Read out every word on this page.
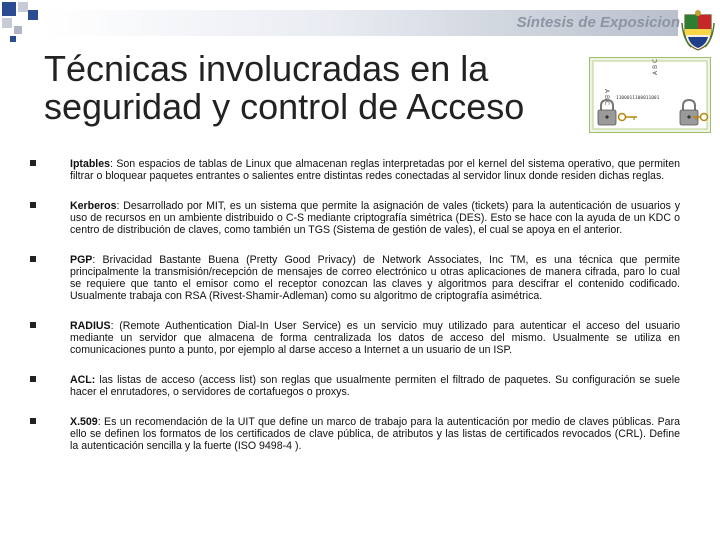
Síntesis de Exposicion
Técnicas involucradas en la seguridad y control de Acceso	A B C
A B C
1100011100011001
Iptables: Son espacios de tablas de Linux que almacenan reglas interpretadas por el kernel del sistema operativo, que permiten filtrar o bloquear paquetes entrantes o salientes entre distintas redes conectadas al servidor linux donde residen dichas reglas.
Kerberos: Desarrollado por MIT, es un sistema que permite la asignación de vales (tickets) para la autenticación de usuarios y uso de recursos en un ambiente distribuido o C-S mediante criptografía simétrica (DES). Esto se hace con la ayuda de un KDC o centro de distribución de claves, como también un TGS (Sistema de gestión de vales), el cual se apoya en el anterior.
PGP: Brivacidad Bastante Buena (Pretty Good Privacy) de Network Associates, Inc TM, es una técnica que permite principalmente la transmisión/recepción de mensajes de correo electrónico u otras aplicaciones de manera cifrada, paro lo cual se requiere que tanto el emisor como el receptor conozcan las claves y algoritmos para descifrar el contenido codificado. Usualmente trabaja con RSA (Rivest-Shamir-Adleman) como su algoritmo de criptografía asimétrica.
RADIUS: (Remote Authentication Dial-In User Service) es un servicio muy utilizado para autenticar el acceso del usuario mediante un servidor que almacena de forma centralizada los datos de acceso del mismo. Usualmente se utiliza en comunicaciones punto a punto, por ejemplo al darse acceso a Internet a un usuario de un ISP.
ACL: las listas de acceso (access list) son reglas que usualmente permiten el filtrado de paquetes. Su configuración se suele hacer el enrutadores, o servidores de cortafuegos o proxys.
X.509: Es un recomendación de la UIT que define un marco de trabajo para la autenticación por medio de claves públicas. Para ello se definen los formatos de los certificados de clave pública, de atributos y las listas de certificados revocados (CRL). Define la autenticación sencilla y la fuerte (ISO 9498-4 ).
